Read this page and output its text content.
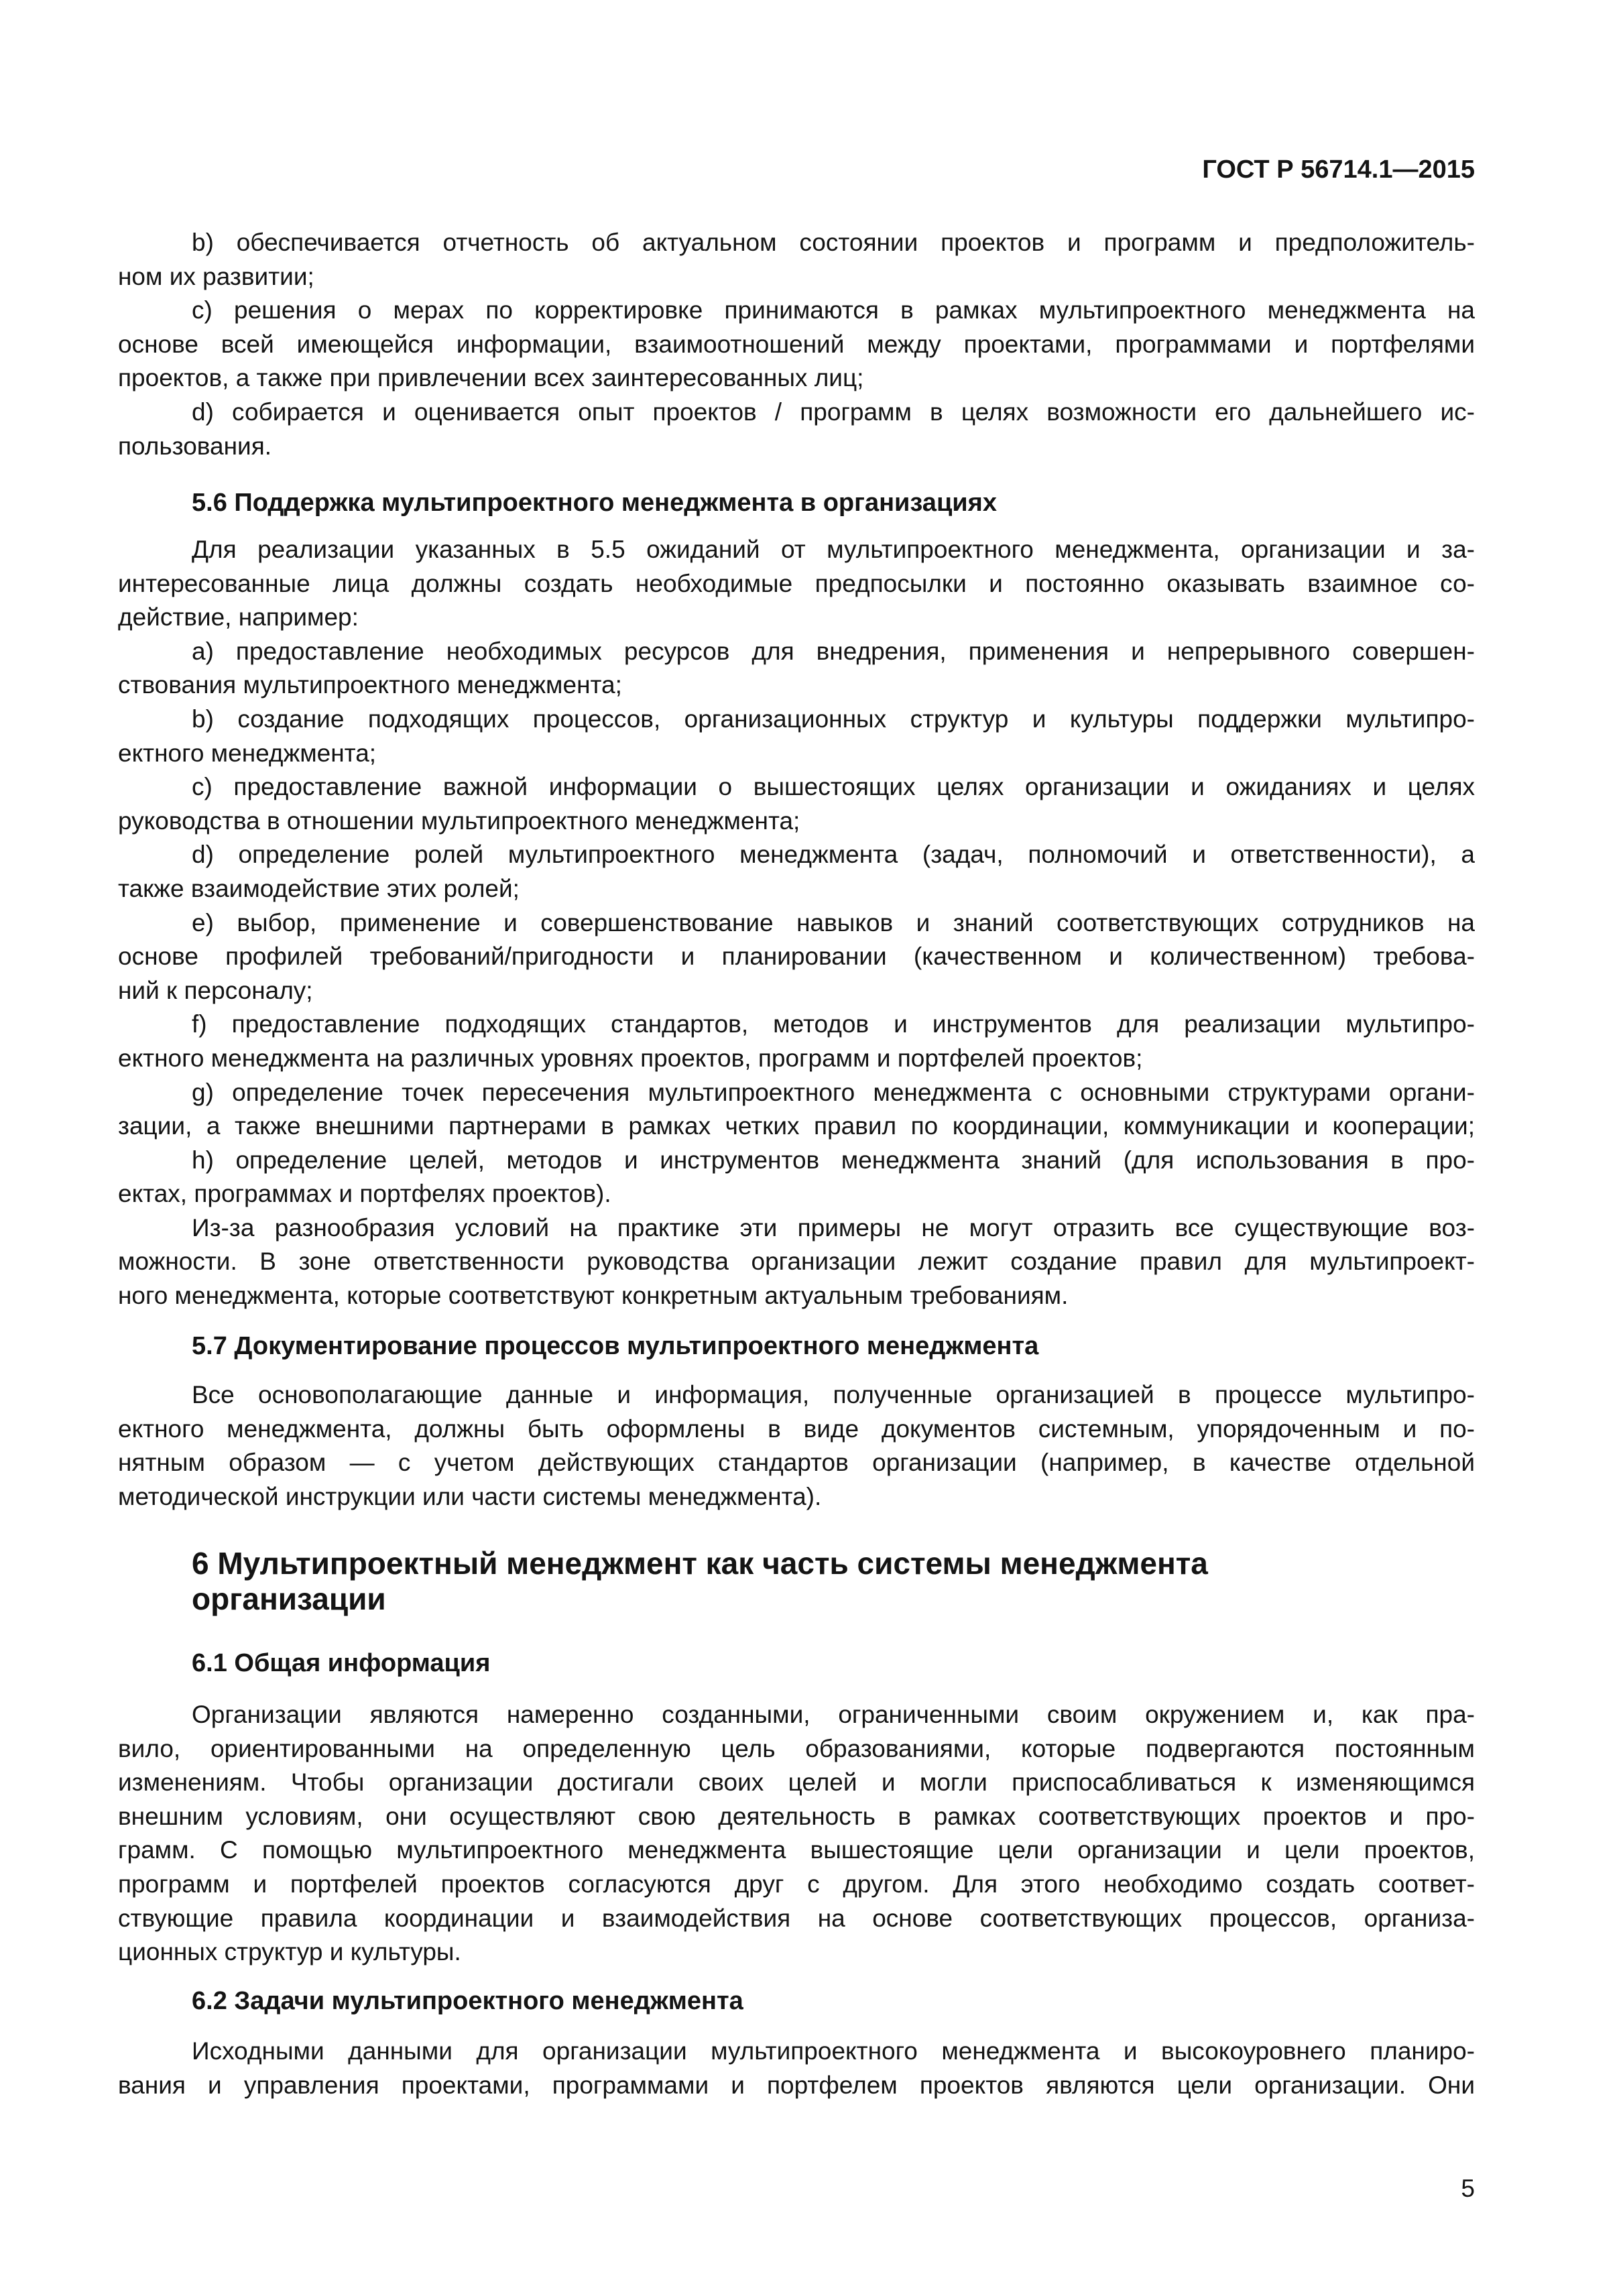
ГОСТ Р 56714.1—2015
b) обеспечивается отчетность об актуальном состоянии проектов и программ и предположитель-
ном их развитии;
c) решения о мерах по корректировке принимаются в рамках мультипроектного менеджмента на
основе всей имеющейся информации, взаимоотношений между проектами, программами и портфелями
проектов, а также при привлечении всех заинтересованных лиц;
d) собирается и оценивается опыт проектов / программ в целях возможности его дальнейшего ис-
пользования.
5.6 Поддержка мультипроектного менеджмента в организациях
Для реализации указанных в 5.5 ожиданий от мультипроектного менеджмента, организации и за-
интересованные лица должны создать необходимые предпосылки и постоянно оказывать взаимное со-
действие, например:
a) предоставление необходимых ресурсов для внедрения, применения и непрерывного совершен-
ствования мультипроектного менеджмента;
b) создание подходящих процессов, организационных структур и культуры поддержки мультипро-
ектного менеджмента;
c) предоставление важной информации о вышестоящих целях организации и ожиданиях и целях
руководства в отношении мультипроектного менеджмента;
d) определение ролей мультипроектного менеджмента (задач, полномочий и ответственности), а
также взаимодействие этих ролей;
e) выбор, применение и совершенствование навыков и знаний соответствующих сотрудников на
основе профилей требований/пригодности и планировании (качественном и количественном) требова-
ний к персоналу;
f) предоставление подходящих стандартов, методов и инструментов для реализации мультипро-
ектного менеджмента на различных уровнях проектов, программ и портфелей проектов;
g) определение точек пересечения мультипроектного менеджмента с основными структурами органи-
зации, а также внешними партнерами в рамках четких правил по координации, коммуникации и кооперации;
h) определение целей, методов и инструментов менеджмента знаний (для использования в про-
ектах, программах и портфелях проектов).
Из-за разнообразия условий на практике эти примеры не могут отразить все существующие воз-
можности. В зоне ответственности руководства организации лежит создание правил для мультипроект-
ного менеджмента, которые соответствуют конкретным актуальным требованиям.
5.7 Документирование процессов мультипроектного менеджмента
Все основополагающие данные и информация, полученные организацией в процессе мультипро-
ектного менеджмента, должны быть оформлены в виде документов системным, упорядоченным и по-
нятным образом — с учетом действующих стандартов организации (например, в качестве отдельной
методической инструкции или части системы менеджмента).
6 Мультипроектный менеджмент как часть системы менеджмента
организации
6.1 Общая информация
Организации являются намеренно созданными, ограниченными своим окружением и, как пра-
вило, ориентированными на определенную цель образованиями, которые подвергаются постоянным
изменениям. Чтобы организации достигали своих целей и могли приспосабливаться к изменяющимся
внешним условиям, они осуществляют свою деятельность в рамках соответствующих проектов и про-
грамм. С помощью мультипроектного менеджмента вышестоящие цели организации и цели проектов,
программ и портфелей проектов согласуются друг с другом. Для этого необходимо создать соответ-
ствующие правила координации и взаимодействия на основе соответствующих процессов, организа-
ционных структур и культуры.
6.2 Задачи мультипроектного менеджмента
Исходными данными для организации мультипроектного менеджмента и высокоуровнего планиро-
вания и управления проектами, программами и портфелем проектов являются цели организации. Они
5
